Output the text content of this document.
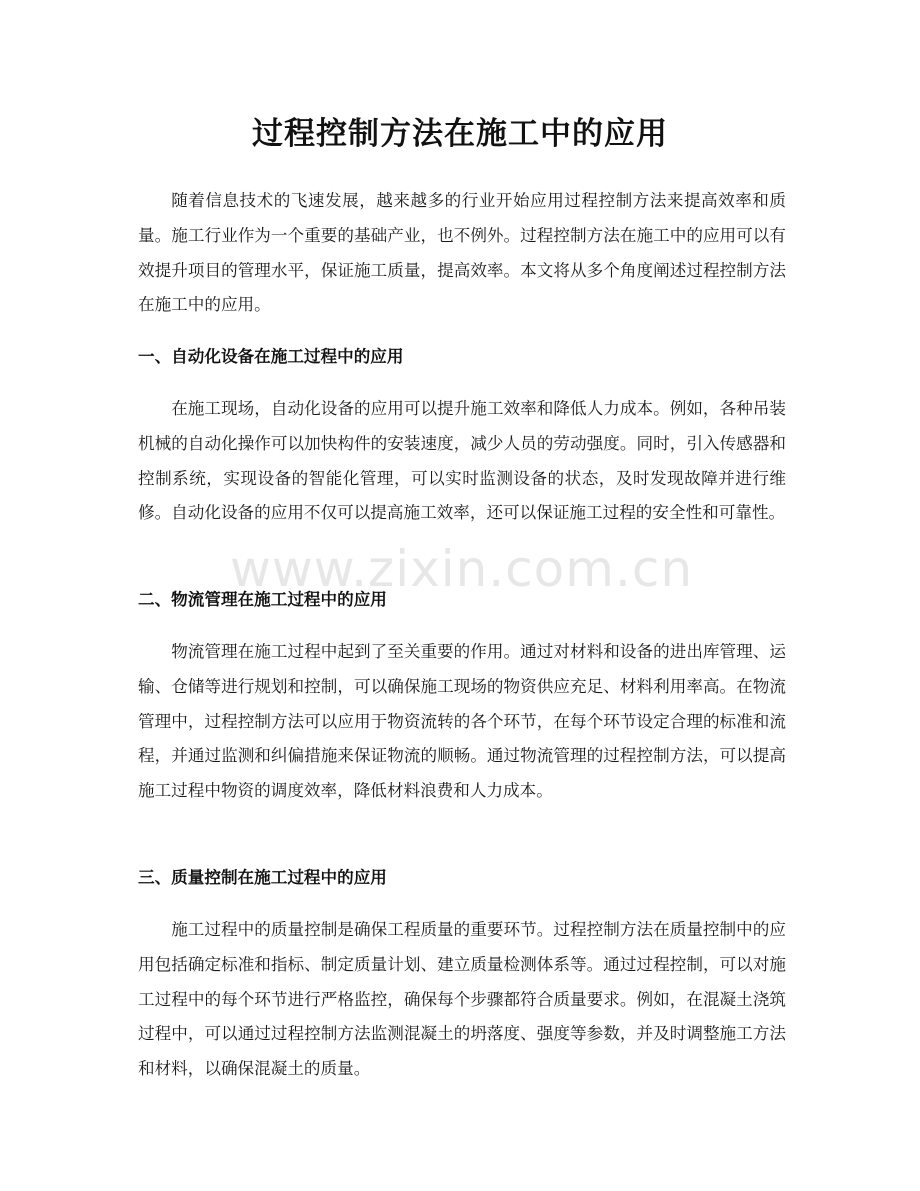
过程控制方法在施工中的应用

随着信息技术的飞速发展，越来越多的行业开始应用过程控制方法来提高效率和质量。施工行业作为一个重要的基础产业，也不例外。过程控制方法在施工中的应用可以有效提升项目的管理水平，保证施工质量，提高效率。本文将从多个角度阐述过程控制方法在施工中的应用。

一、自动化设备在施工过程中的应用

在施工现场，自动化设备的应用可以提升施工效率和降低人力成本。例如，各种吊装机械的自动化操作可以加快构件的安装速度，减少人员的劳动强度。同时，引入传感器和控制系统，实现设备的智能化管理，可以实时监测设备的状态，及时发现故障并进行维修。自动化设备的应用不仅可以提高施工效率，还可以保证施工过程的安全性和可靠性。

二、物流管理在施工过程中的应用

物流管理在施工过程中起到了至关重要的作用。通过对材料和设备的进出库管理、运输、仓储等进行规划和控制，可以确保施工现场的物资供应充足、材料利用率高。在物流管理中，过程控制方法可以应用于物资流转的各个环节，在每个环节设定合理的标准和流程，并通过监测和纠偏措施来保证物流的顺畅。通过物流管理的过程控制方法，可以提高施工过程中物资的调度效率，降低材料浪费和人力成本。

三、质量控制在施工过程中的应用

施工过程中的质量控制是确保工程质量的重要环节。过程控制方法在质量控制中的应用包括确定标准和指标、制定质量计划、建立质量检测体系等。通过过程控制，可以对施工过程中的每个环节进行严格监控，确保每个步骤都符合质量要求。例如，在混凝土浇筑过程中，可以通过过程控制方法监测混凝土的坍落度、强度等参数，并及时调整施工方法和材料，以确保混凝土的质量。

www.zixin.com.cn
